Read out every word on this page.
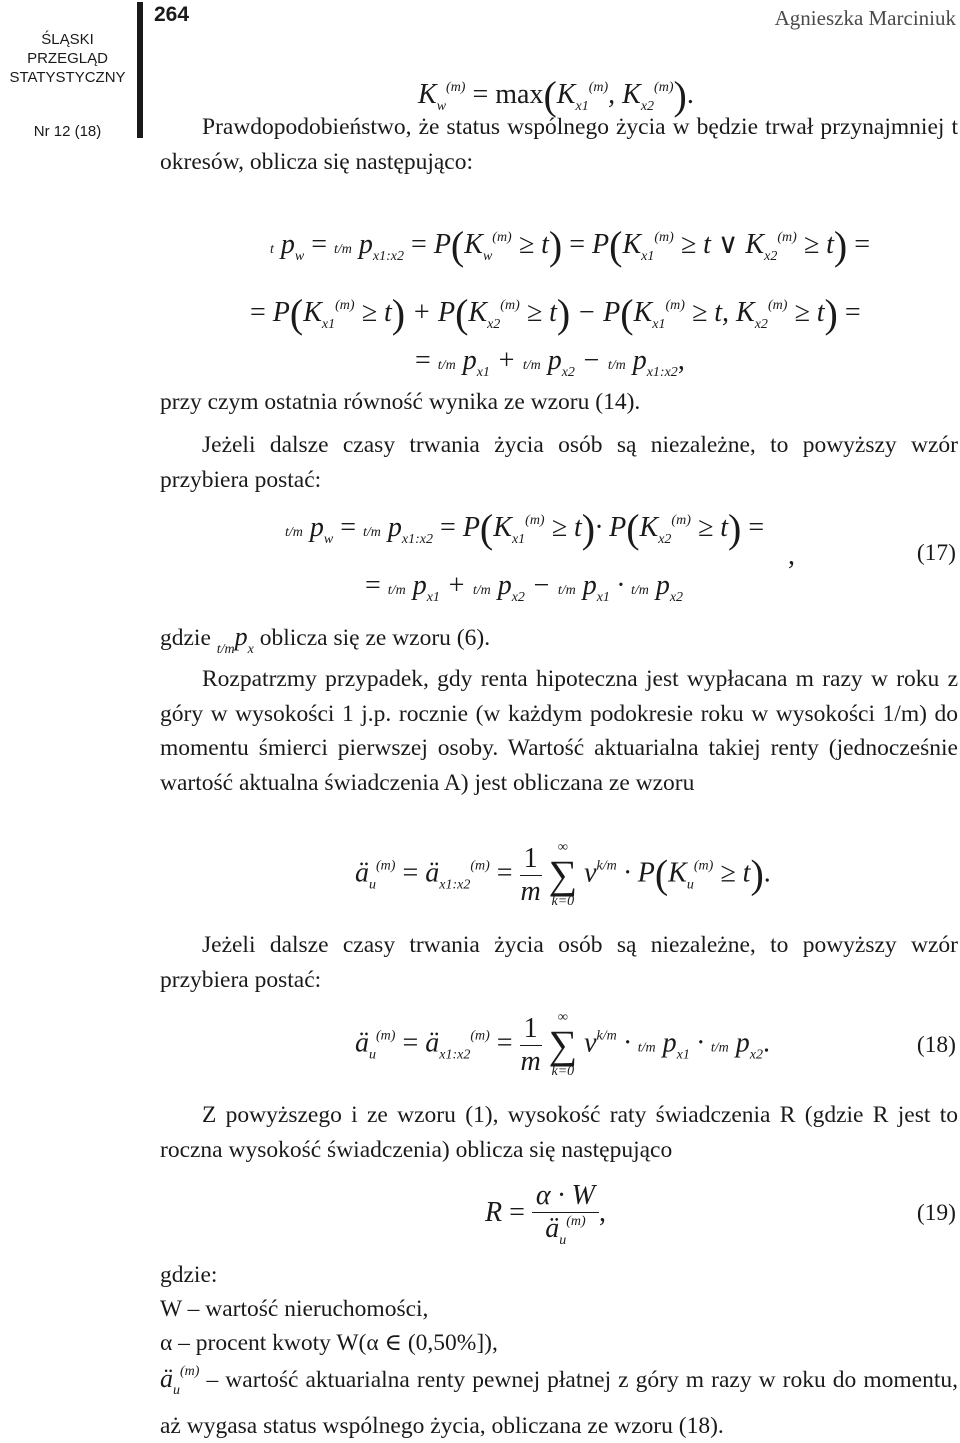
ŚLĄSKI
PRZEGLĄD
STATYSTYCZNY
Nr 12 (18)
264	Agnieszka Marciniuk
$K_w^{(m)} = \max(K_{x1}^{(m)}$, $K_{x2}^{(m)}$).

Prawdopodobieństwo, że status wspólnego życia w będzie trwał przynajmniej t okresów, oblicza się następująco:

t $p_w = t/m$ $p_{x1:x2} = P(K_w^{(m)} \ge t) = P(K_{x1}^{(m)} \ge t$ ∨ $K_{x2}^{(m)} \ge t$) =
= $P(K_{x1}^{(m)} \ge t) + P(K_{x2}^{(m)} \ge t) - P(K_{x1}^{(m)} \ge t$, $K_{x2}^{(m)} \ge t$) =
= t/m $p_{x1} + t/m$ $p_{x2} - t/m$ $p_{x1:x2}$,

przy czym ostatnia równość wynika ze wzoru (14).

Jeżeli dalsze czasy trwania życia osób są niezależne, to powyższy wzór przybiera postać:

t/m $p_w = t/m$ $p_{x1:x2} = P(K_{x1}^{(m)} \ge t)\cdot P(K_{x2}^{(m)} \ge t)$ =
= t/m $p_{x1} + t/m$ $p_{x2} - t/m$ $p_{x1} \cdot t/m$ $p_{x2}$
,	(17)
gdzie $_{t/m}p_x$ oblicza się ze wzoru (6).

Rozpatrzmy przypadek, gdy renta hipoteczna jest wypłacana m razy w roku z góry w wysokości 1 j.p. rocznie (w każdym podokresie roku w wysokości 1/m) do momentu śmierci pierwszej osoby. Wartość aktuarialna takiej renty (jednocześnie wartość aktualna świadczenia A) jest obliczana ze wzoru

$ä_u^{(m)}$ = $ä_{x1:x2}^{(m)} = \frac{1}{m}$
	∞
∑
k=0
$v^{k/m} \cdot P(K_u^{(m)} \ge t)$.

Jeżeli dalsze czasy trwania życia osób są niezależne, to powyższy wzór przybiera postać:

$ä_u^{(m)}$ = $ä_{x1:x2}^{(m)} = \frac{1}{m}$
	∞
∑
k=0
$v^{k/m} \cdot t/m$ $p_{x1} \cdot t/m$ $p_{x2}$.	(18)

Z powyższego i ze wzoru (1), wysokość raty świadczenia R (gdzie R jest to roczna wysokość świadczenia) oblicza się następująco

$R = \frac{\alpha \cdot W}{ä_u^{(m)}}$ ,	(19)

gdzie:

W – wartość nieruchomości,

α – procent kwoty W(α ∈ (0,50%]),

$ä_u^{(m)}$ – wartość aktuarialna renty pewnej płatnej z góry m razy w roku do momentu, aż wygasa status wspólnego życia, obliczana ze wzoru (18).
